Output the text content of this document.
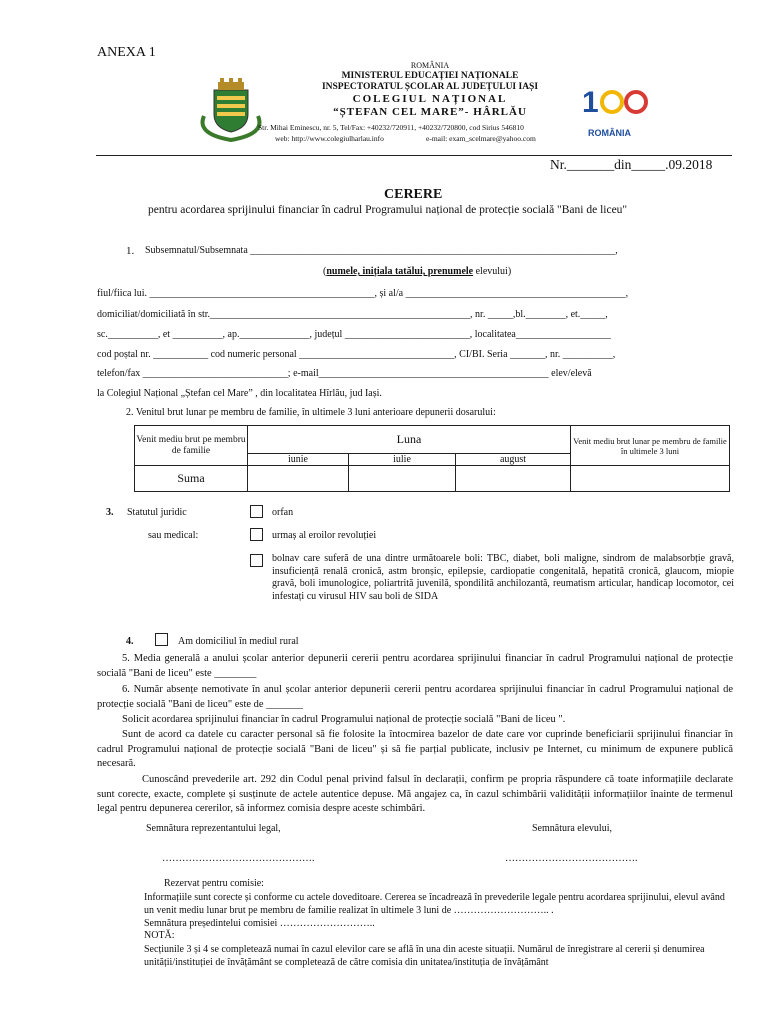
ANEXA 1
ROMÂNIA
MINISTERUL EDUCAȚIEI NAȚIONALE
INSPECTORATUL ȘCOLAR AL JUDEȚULUI IAȘI
COLEGIUL NAȚIONAL
“ȘTEFAN CEL MARE”- HÂRLĂU
Str. Mihai Eminescu, nr. 5, Tel/Fax: +40232/720911, +40232/720800, cod Sirius 546810
web: http://www.colegiulharlau.info	e-mail: exam_scelmare@yahoo.com
1
ROMÂNIA
Nr._______din_____.09.2018
CERERE
pentru acordarea sprijinului financiar în cadrul Programului național de protecție socială "Bani de liceu"
1. Subsemnatul/Subsemnata _________________________________________________________________________,
(numele, inițiala tatălui, prenumele elevului)
fiul/fiica lui. _____________________________________________, și al/a ____________________________________________,
domiciliat/domiciliată în str.____________________________________________________, nr. _____,bl.________, et._____,
sc.__________, et __________, ap.______________, județul _________________________, localitatea___________________
cod poștal nr. ___________ cod numeric personal _______________________________, CI/BI. Seria _______, nr. __________,
telefon/fax _____________________________; e-mail______________________________________________ elev/elevă
la Colegiul Național „Ștefan cel Mare” , din localitatea Hîrlău, jud Iași.
2. Venitul brut lunar pe membru de familie, în ultimele 3 luni anterioare depunerii dosarului:
Venit mediu brut pe membru de familie	Luna			Venit mediu brut lunar pe membru de familie în ultimele 3 luni
	iunie	iulie	august	
Suma				
3. Statutul juridic
sau medical:
orfan
urmaș al eroilor revoluției
bolnav care suferă de una dintre următoarele boli: TBC, diabet, boli maligne, sindrom de malabsorbție gravă, insuficiență renală cronică, astm bronșic, epilepsie, cardiopatie congenitală, hepatită cronică, glaucom, miopie gravă, boli imunologice, poliartrită juvenilă, spondilită anchilozantă, reumatism articular, handicap locomotor, cei infestați cu virusul HIV sau boli de SIDA
4.	Am domiciliul în mediul rural
5. Media generală a anului școlar anterior depunerii cererii pentru acordarea sprijinului financiar în cadrul Programului național de protecție socială "Bani de liceu" este ________
6. Număr absențe nemotivate în anul școlar anterior depunerii cererii pentru acordarea sprijinului financiar în cadrul Programului național de protecție socială "Bani de liceu" este de _______
Solicit acordarea sprijinului financiar în cadrul Programului național de protecție socială "Bani de liceu ".
Sunt de acord ca datele cu caracter personal să fie folosite la întocmirea bazelor de date care vor cuprinde beneficiarii sprijinului financiar în cadrul Programului național de protecție socială "Bani de liceu" și să fie parțial publicate, inclusiv pe Internet, cu minimum de expunere publică necesară.
Cunoscând prevederile art. 292 din Codul penal privind falsul în declarații, confirm pe propria răspundere că toate informațiile declarate sunt corecte, exacte, complete și susținute de actele autentice depuse. Mă angajez ca, în cazul schimbării validității informațiilor înainte de termenul legal pentru depunerea cererilor, să informez comisia despre aceste schimbări.
Semnătura reprezentantului legal,	Semnătura elevului,
……………………………………….	………………………………….
Rezervat pentru comisie:
Informațiile sunt corecte și conforme cu actele doveditoare. Cererea se încadrează în prevederile legale pentru acordarea sprijinului, elevul având un venit mediu lunar brut pe membru de familie realizat în ultimele 3 luni de ……………………….. .
Semnătura președintelui comisiei ………………………..
NOTĂ:
Secțiunile 3 și 4 se completează numai în cazul elevilor care se află în una din aceste situații. Numărul de înregistrare al cererii și denumirea unității/instituției de învățământ se completează de către comisia din unitatea/instituția de învățământ
